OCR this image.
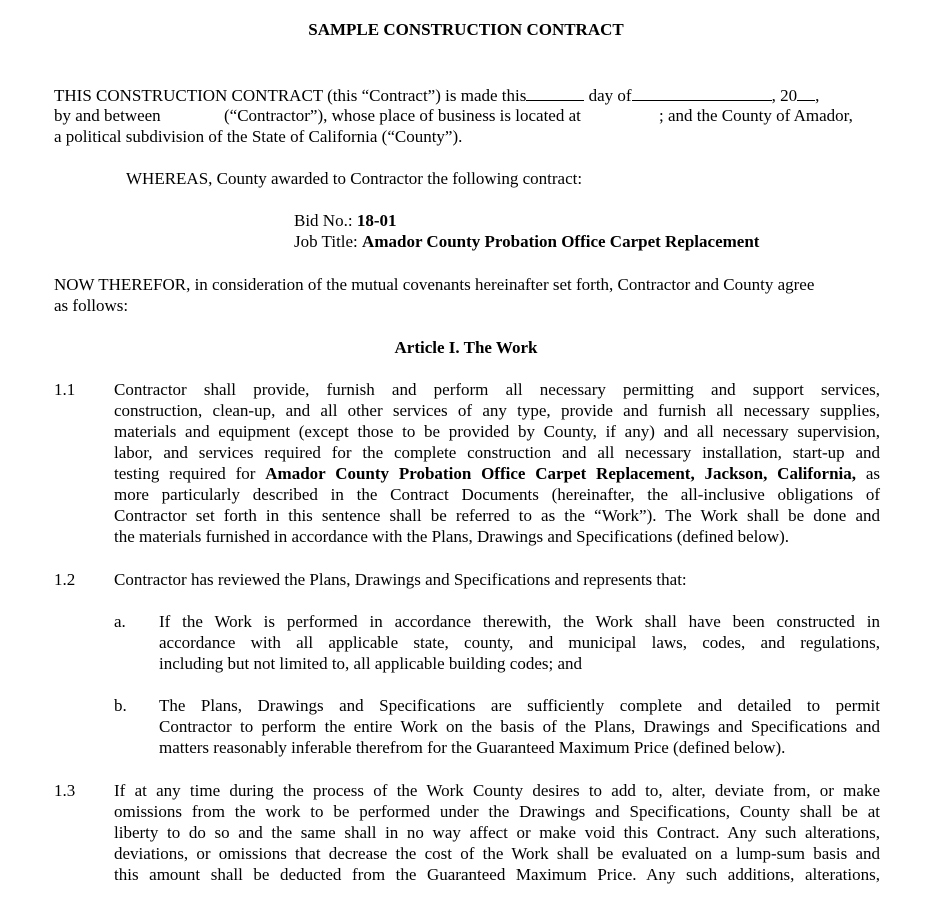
SAMPLE CONSTRUCTION CONTRACT
THIS CONSTRUCTION CONTRACT (this “Contract”) is made this	day of	, 20 ,
by and between	(“Contractor”), whose place of business is located at	; and the County of Amador,
a political subdivision of the State of California (“County”).
WHEREAS, County awarded to Contractor the following contract:
Bid No.: 18-01
Job Title: Amador County Probation Office Carpet Replacement
NOW THEREFOR, in consideration of the mutual covenants hereinafter set forth, Contractor and County agree
as follows:
Article I. The Work
1.1 Contractor shall provide, furnish and perform all necessary permitting and support services,
construction, clean-up, and all other services of any type, provide and furnish all necessary supplies,
materials and equipment (except those to be provided by County, if any) and all necessary supervision,
labor, and services required for the complete construction and all necessary installation, start-up and
testing required for Amador County Probation Office Carpet Replacement, Jackson, California, as
more particularly described in the Contract Documents (hereinafter, the all-inclusive obligations of
Contractor set forth in this sentence shall be referred to as the “Work”). The Work shall be done and
the materials furnished in accordance with the Plans, Drawings and Specifications (defined below).
1.2 Contractor has reviewed the Plans, Drawings and Specifications and represents that:
a. If the Work is performed in accordance therewith, the Work shall have been constructed in
accordance with all applicable state, county, and municipal laws, codes, and regulations,
including but not limited to, all applicable building codes; and
b. The Plans, Drawings and Specifications are sufficiently complete and detailed to permit
Contractor to perform the entire Work on the basis of the Plans, Drawings and Specifications and
matters reasonably inferable therefrom for the Guaranteed Maximum Price (defined below).
1.3 If at any time during the process of the Work County desires to add to, alter, deviate from, or make
omissions from the work to be performed under the Drawings and Specifications, County shall be at
liberty to do so and the same shall in no way affect or make void this Contract. Any such alterations,
deviations, or omissions that decrease the cost of the Work shall be evaluated on a lump-sum basis and
this amount shall be deducted from the Guaranteed Maximum Price. Any such additions, alterations,
